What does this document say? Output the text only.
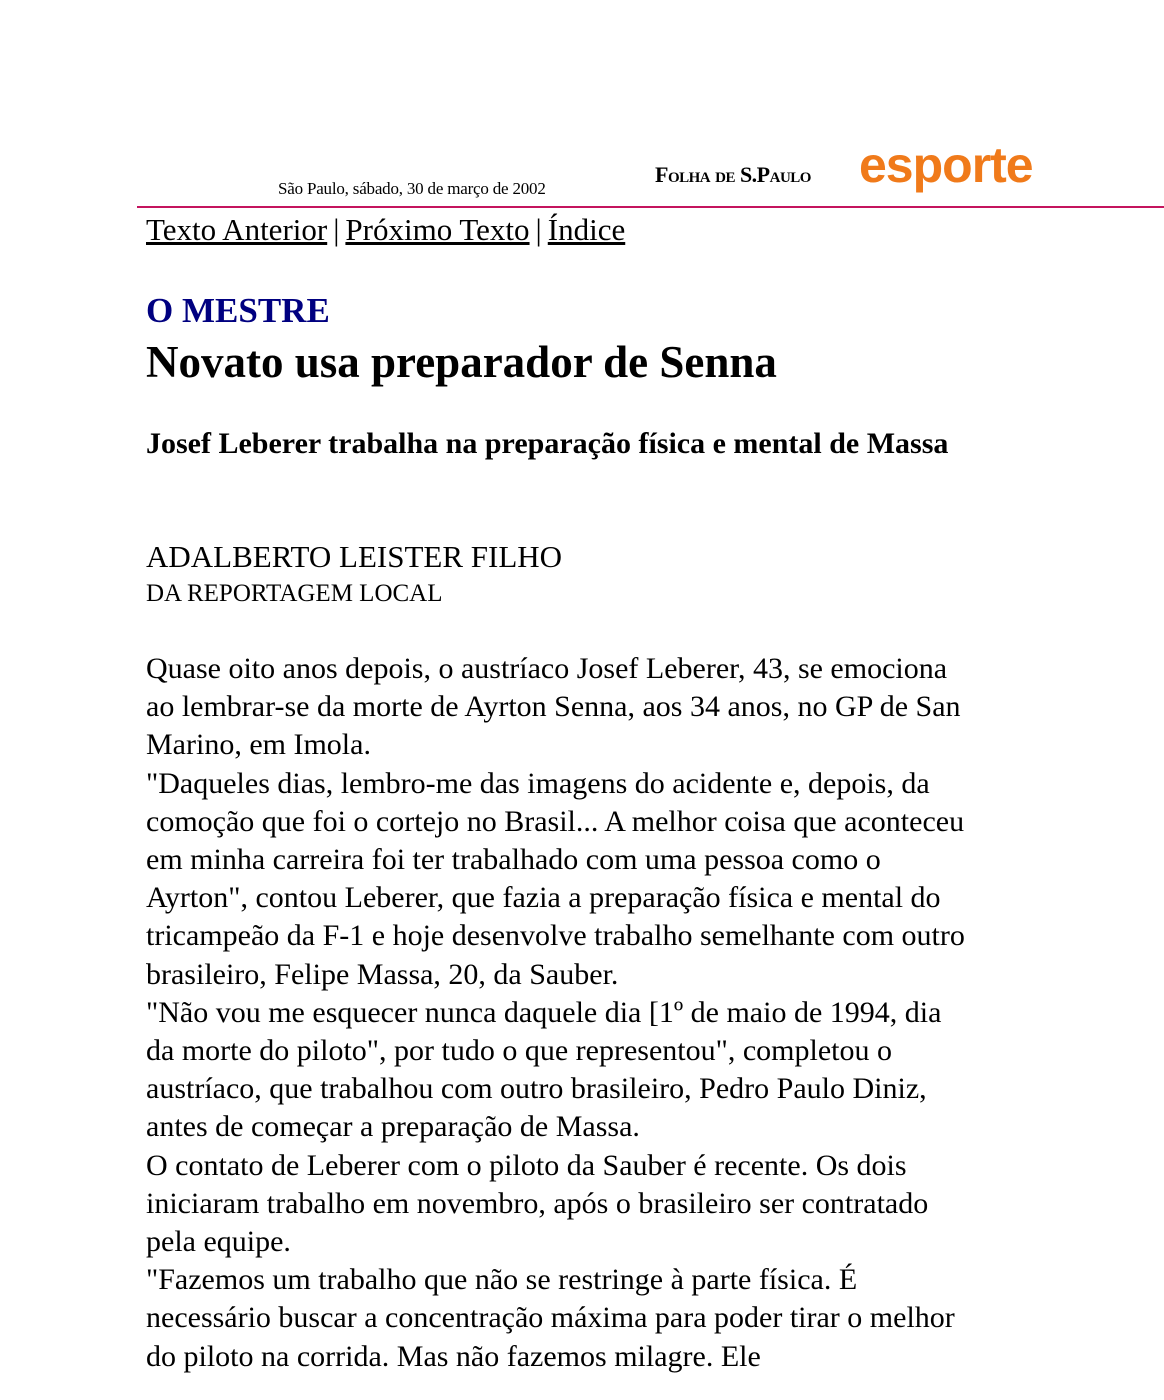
São Paulo, sábado, 30 de março de 2002
Folha de S.Paulo esporte
Texto Anterior | Próximo Texto | Índice
O MESTRE
Novato usa preparador de Senna
Josef Leberer trabalha na preparação física e mental de Massa

ADALBERTO LEISTER FILHO

DA REPORTAGEM LOCAL

Quase oito anos depois, o austríaco Josef Leberer, 43, se emociona ao lembrar-se da morte de Ayrton Senna, aos 34 anos, no GP de San Marino, em Imola.

"Daqueles dias, lembro-me das imagens do acidente e, depois, da comoção que foi o cortejo no Brasil... A melhor coisa que aconteceu em minha carreira foi ter trabalhado com uma pessoa como o Ayrton", contou Leberer, que fazia a preparação física e mental do tricampeão da F-1 e hoje desenvolve trabalho semelhante com outro brasileiro, Felipe Massa, 20, da Sauber.

"Não vou me esquecer nunca daquele dia [1º de maio de 1994, dia da morte do piloto", por tudo o que representou", completou o austríaco, que trabalhou com outro brasileiro, Pedro Paulo Diniz, antes de começar a preparação de Massa.

O contato de Leberer com o piloto da Sauber é recente. Os dois iniciaram trabalho em novembro, após o brasileiro ser contratado pela equipe.

"Fazemos um trabalho que não se restringe à parte física. É necessário buscar a concentração máxima para poder tirar o melhor do piloto na corrida. Mas não fazemos milagre. Ele
